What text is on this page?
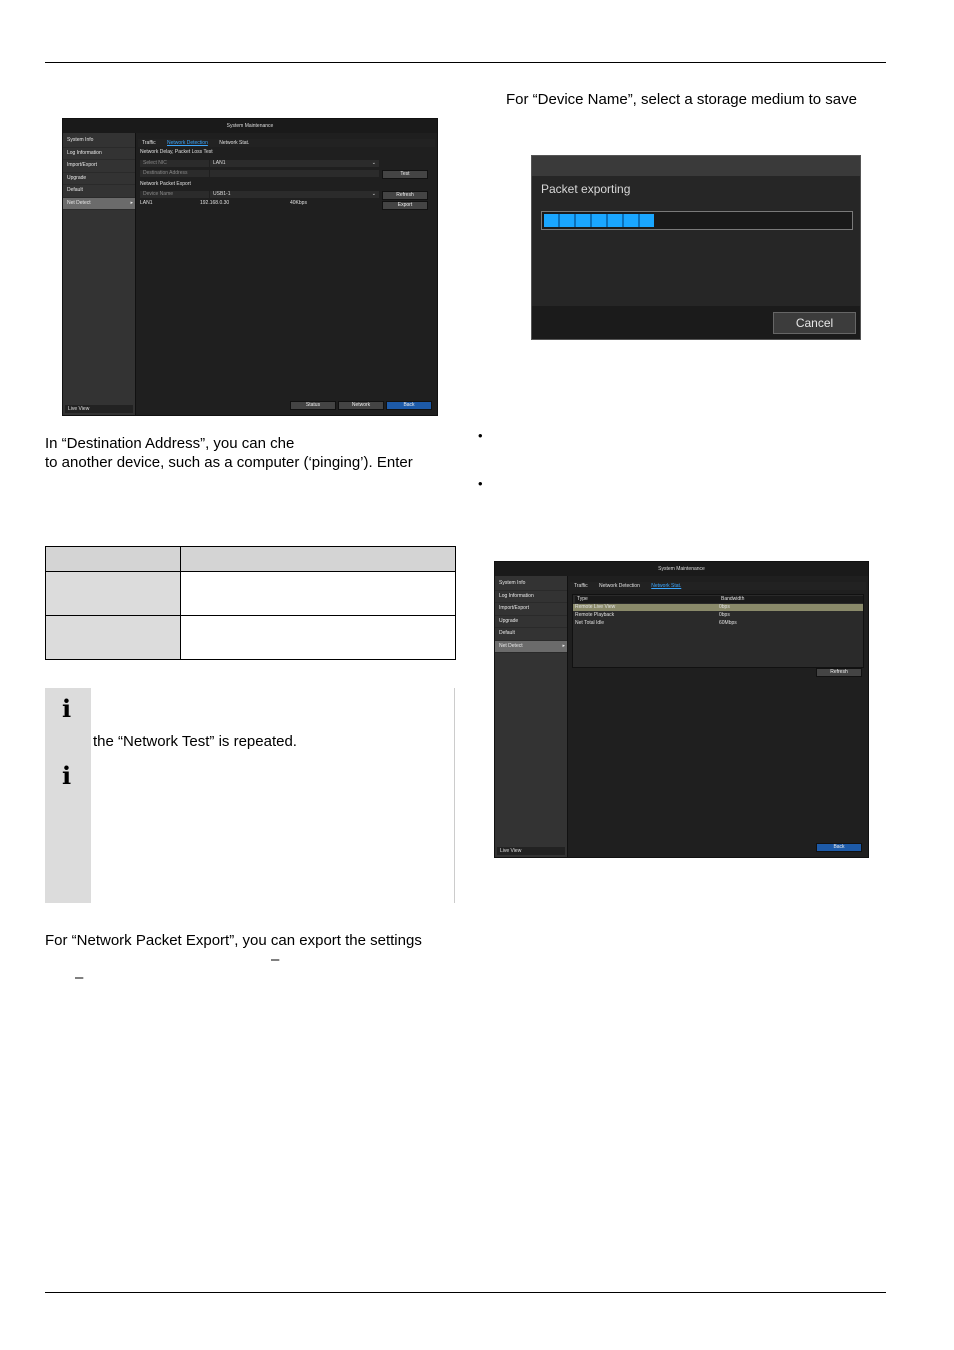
System Maintenance
System Info
Log Information
Import/Export
Upgrade
Default
Net Detect ▸
Live View
Traffic Network Detection Network Stat.
Network Delay, Packet Loss Test
Select NIC	LAN1	⌄
Destination Address	Test
Network Packet Export
Device Name	USB1-1	⌄	Refresh
LAN1	192.168.0.30	40Kbps	Export
Status	Network	Back
In “Destination Address”, you can che
to another device, such as a computer (‘pinging’). Enter

i
i
the “Network Test” is repeated.
For “Network Packet Export”, you can export the settings
–
–
For “Device Name”, select a storage medium to save
Packet exporting
Cancel
•
•
System Maintenance
System Info
Log Information
Import/Export
Upgrade
Default
Net Detect ▸
Live View
Traffic Network Detection Network Stat.
Type	Bandwidth
Remote Live View	0bps
Remote Playback	0bps
Net Total Idle	60Mbps
Refresh
Back
